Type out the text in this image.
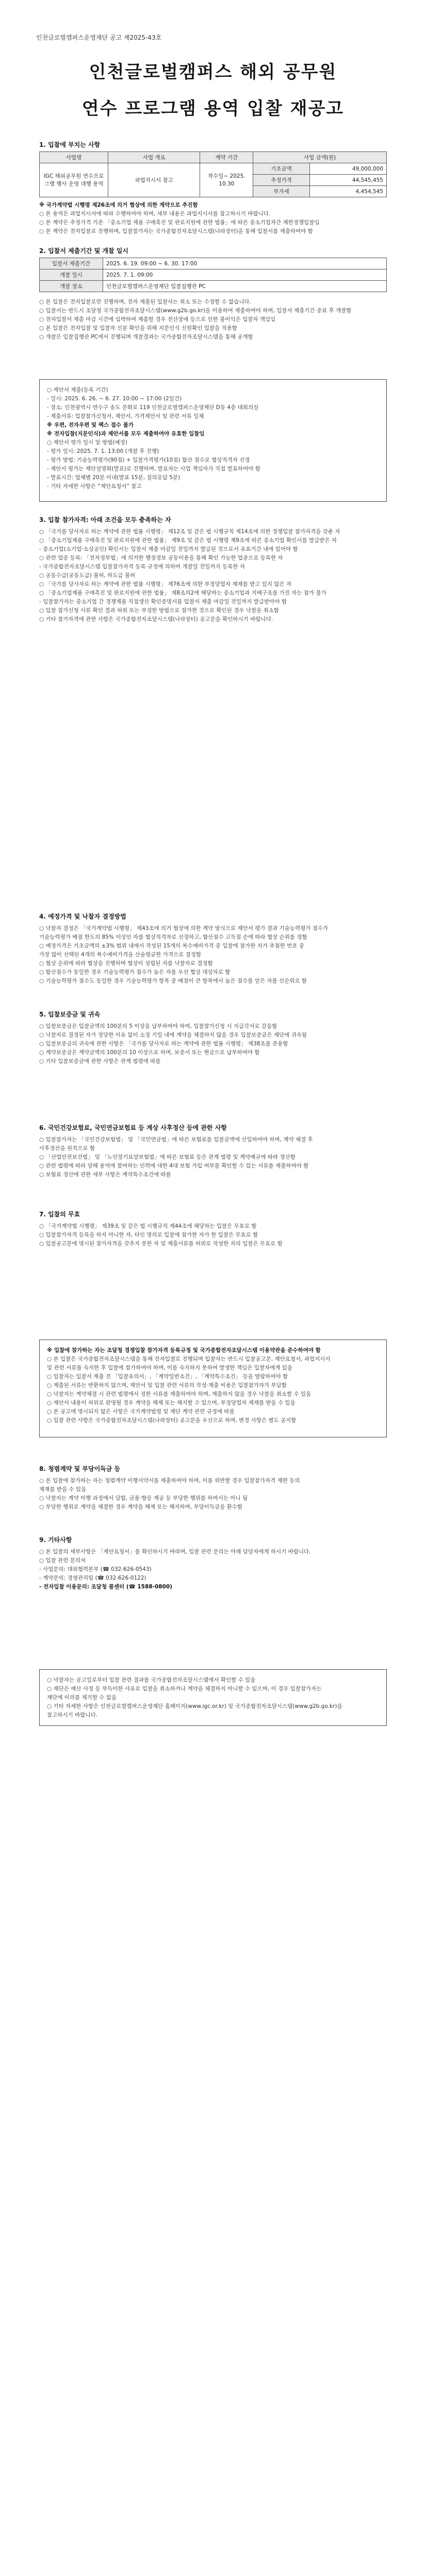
인천글로벌캠퍼스운영재단 공고 제2025-43호
인천글로벌캠퍼스 해외 공무원
연수 프로그램 용역 입찰 재공고
1. 입찰에 부치는 사항
사업명	사업 개요	계약 기간	사업 금액(원)	
IGC 해외공무원 연수프로그램 행사 운영 대행 용역	과업지시서 참고	착수일~ 2025. 10.30	기초금액	49,000,000
			추정가격	44,545,455
			부가세	4,454,545
※ 국가계약법 시행령 제26조에 의거 협상에 의한 계약으로 추진함
○ 본 용역은 과업지시서에 따라 수행하여야 하며, 세부 내용은 과업지시서를 참고하시기 바랍니다.
○ 본 계약은 추정가격 기준 「중소기업 제품 구매촉진 및 판로지원에 관한 법률」에 따른 중소기업자간 제한경쟁입찰임
○ 본 계약은 전자입찰로 진행하며, 입찰참가자는 국가종합전자조달시스템(나라장터)을 통해 입찰서를 제출하여야 함
2. 입찰서 제출기간 및 개찰 일시
입찰서 제출기간	2025. 6. 19. 09:00 ~ 6. 30. 17:00
개찰 일시	2025. 7. 1. 09:00
개찰 장소	인천글로벌캠퍼스운영재단 입찰집행관 PC
○ 본 입찰은 전자입찰로만 진행하며, 전자 제출된 입찰서는 취소 또는 수정할 수 없습니다.
○ 입찰서는 반드시 조달청 국가종합전자조달시스템(www.g2b.go.kr)을 이용하여 제출하여야 하며, 입찰서 제출기간 종료 후 개찰함
○ 전자입찰서 제출 마감 시간에 임박하여 제출할 경우 전산장애 등으로 인한 불이익은 입찰자 책임임
○ 본 입찰은 전자입찰 및 입찰자 신분 확인을 위해 지문인식 신원확인 입찰을 적용함
○ 개찰은 입찰집행관 PC에서 진행되며 개찰결과는 국가종합전자조달시스템을 통해 공개함
○ 제안서 제출(등록 기간)
- 일시: 2025. 6. 26. ~ 6. 27. 10:00 ~ 17:00 (2일간)
- 장소: 인천광역시 연수구 송도 문화로 119 인천글로벌캠퍼스운영재단 D동 4층 대회의실
- 제출서류: 입찰참가신청서, 제안서, 가격제안서 및 관련 서류 일체
※ 우편, 전자우편 및 팩스 접수 불가
※ 전자입찰(지문인식)과 제안서를 모두 제출하여야 유효한 입찰임
○ 제안서 평가 일시 및 방법(예정)
- 평가 일시: 2025. 7. 1. 13:00 (개찰 후 진행)
- 평가 방법: 기술능력평가(90점) + 입찰가격평가(10점) 합산 점수로 협상적격자 선정
- 제안서 평가는 제안설명회(발표)로 진행하며, 발표자는 사업 책임자가 직접 발표하여야 함
- 발표시간: 업체별 20분 이내(발표 15분, 질의응답 5분)
- 기타 자세한 사항은 “제안요청서” 참고
3. 입찰 참가자격: 아래 조건을 모두 충족하는 자
○ 「국가를 당사자로 하는 계약에 관한 법률 시행령」 제12조 및 같은 법 시행규칙 제14조에 의한 경쟁입찰 참가자격을 갖춘 자
○ 「중소기업제품 구매촉진 및 판로지원에 관한 법률」 제9조 및 같은 법 시행령 제9조에 따른 중소기업 확인서를 발급받은 자
- 중소기업(소기업·소상공인) 확인서는 입찰서 제출 마감일 전일까지 발급된 것으로서 유효기간 내에 있어야 함
○ 관련 업종 등록: 「전자정부법」에 의거한 행정정보 공동이용을 통해 확인 가능한 업종으로 등록한 자
- 국가종합전자조달시스템 입찰참가자격 등록 규정에 의하여 개찰일 전일까지 등록한 자
○ 공동수급(공동도급) 불허, 하도급 불허
○ 「국가를 당사자로 하는 계약에 관한 법률 시행령」 제76조에 의한 부정당업자 제재를 받고 있지 않은 자
○ 「중소기업제품 구매촉진 및 판로지원에 관한 법률」 제8조의2에 해당하는 중소기업과 지배구조를 가진 자는 참가 불가
- 입찰참가자는 중소기업 간 경쟁제품 직접생산 확인증명서를 입찰서 제출 마감일 전일까지 발급받아야 함
○ 입찰 참가신청 서류 확인 결과 허위 또는 부정한 방법으로 참가한 것으로 확인된 경우 낙찰을 취소함
○ 기타 참가자격에 관한 사항은 국가종합전자조달시스템(나라장터) 공고문을 확인하시기 바랍니다.
4. 예정가격 및 낙찰자 결정방법
○ 낙찰자 결정은 「국가계약법 시행령」 제43조에 의거 협상에 의한 계약 방식으로 제안서 평가 결과 기술능력평가 점수가
기술능력평가 배점 한도의 85% 이상인 자를 협상적격자로 선정하고, 합산점수 고득점 순에 따라 협상 순위를 정함
○ 예정가격은 기초금액의 ±3% 범위 내에서 작성된 15개의 복수예비가격 중 입찰에 참가한 자가 추첨한 번호 중
가장 많이 선택된 4개의 복수예비가격을 산술평균한 가격으로 결정함
○ 협상 순위에 따라 협상을 진행하며 협상이 성립된 자를 낙찰자로 결정함
○ 합산점수가 동일한 경우 기술능력평가 점수가 높은 자를 우선 협상 대상자로 함
○ 기술능력평가 점수도 동일한 경우 기술능력평가 항목 중 배점이 큰 항목에서 높은 점수를 얻은 자를 선순위로 함
5. 입찰보증금 및 귀속
○ 입찰보증금은 입찰금액의 100분의 5 이상을 납부하여야 하며, 입찰참가신청 시 지급각서로 갈음함
○ 낙찰자로 결정된 자가 정당한 이유 없이 소정 기일 내에 계약을 체결하지 않을 경우 입찰보증금은 재단에 귀속됨
○ 입찰보증금의 귀속에 관한 사항은 「국가를 당사자로 하는 계약에 관한 법률 시행령」 제38조를 준용함
○ 계약보증금은 계약금액의 100분의 10 이상으로 하며, 보증서 또는 현금으로 납부하여야 함
○ 기타 입찰보증금에 관한 사항은 관계 법령에 따름
6. 국민건강보험료, 국민연금보험료 등 계상 사후정산 등에 관한 사항
○ 입찰참가자는 「국민건강보험법」 및 「국민연금법」에 따른 보험료를 입찰금액에 산입하여야 하며, 계약 체결 후
사후정산을 원칙으로 함
○ 「산업안전보건법」 및 「노인장기요양보험법」에 따른 보험료 등은 관계 법령 및 계약예규에 따라 정산함
○ 관련 법령에 따라 당해 용역에 참여하는 인력에 대한 4대 보험 가입 여부를 확인할 수 있는 서류를 제출하여야 함
○ 보험료 정산에 관한 세부 사항은 계약특수조건에 따름
7. 입찰의 무효
○ 「국가계약법 시행령」 제39조 및 같은 법 시행규칙 제44조에 해당하는 입찰은 무효로 함
○ 입찰참가자격 등록을 하지 아니한 자, 타인 명의로 입찰에 참가한 자가 한 입찰은 무효로 함
○ 입찰공고문에 명시된 참가자격을 갖추지 못한 자 및 제출서류를 허위로 작성한 자의 입찰은 무효로 함
※ 입찰에 참가하는 자는 조달청 경쟁입찰 참가자격 등록규정 및 국가종합전자조달시스템 이용약관을 준수하여야 함
○ 본 입찰은 국가종합전자조달시스템을 통해 전자입찰로 진행되며 입찰자는 반드시 입찰공고문, 제안요청서, 과업지시서
및 관련 서류를 숙지한 후 입찰에 참가하여야 하며, 이를 숙지하지 못하여 발생한 책임은 입찰자에게 있음
○ 입찰자는 입찰서 제출 전 「입찰유의서」, 「계약일반조건」, 「계약특수조건」 등을 열람하여야 함
○ 제출된 서류는 반환하지 않으며, 제안서 및 입찰 관련 서류의 작성·제출 비용은 입찰참가자가 부담함
○ 낙찰자는 계약체결 시 관련 법령에서 정한 서류를 제출하여야 하며, 제출하지 않을 경우 낙찰을 취소할 수 있음
○ 제안서 내용이 허위로 판명될 경우 계약을 해제 또는 해지할 수 있으며, 부정당업자 제재를 받을 수 있음
○ 본 공고에 명시되지 않은 사항은 국가계약법령 및 재단 계약 관련 규정에 따름
○ 입찰 관련 사항은 국가종합전자조달시스템(나라장터) 공고문을 우선으로 하며, 변경 사항은 별도 공지함
8. 청렴계약 및 부당이득금 등
○ 본 입찰에 참가하는 자는 청렴계약 이행서약서를 제출하여야 하며, 이를 위반할 경우 입찰참가자격 제한 등의
제재를 받을 수 있음
○ 낙찰자는 계약 이행 과정에서 담합, 금품·향응 제공 등 부당한 행위를 하여서는 아니 됨
○ 부당한 행위로 계약을 체결한 경우 계약을 해제 또는 해지하며, 부당이득금을 환수함
9. 기타사항
○ 본 입찰의 세부사항은 「제안요청서」를 확인하시기 바라며, 입찰 관련 문의는 아래 담당자에게 하시기 바랍니다.
○ 입찰 관련 문의처
- 사업문의: 대외협력본부 (☎ 032-626-0543)
- 계약문의: 경영관리팀 (☎ 032-626-0122)
- 전자입찰 이용문의: 조달청 콜센터 (☎ 1588-0800)
○ 낙찰자는 공고일로부터 입찰 관련 결과를 국가종합전자조달시스템에서 확인할 수 있음
○ 재단은 예산 사정 등 부득이한 사유로 입찰을 취소하거나 계약을 체결하지 아니할 수 있으며, 이 경우 입찰참가자는
재단에 이의를 제기할 수 없음
○ 기타 자세한 사항은 인천글로벌캠퍼스운영재단 홈페이지(www.igc.or.kr) 및 국가종합전자조달시스템(www.g2b.go.kr)을
참고하시기 바랍니다.
